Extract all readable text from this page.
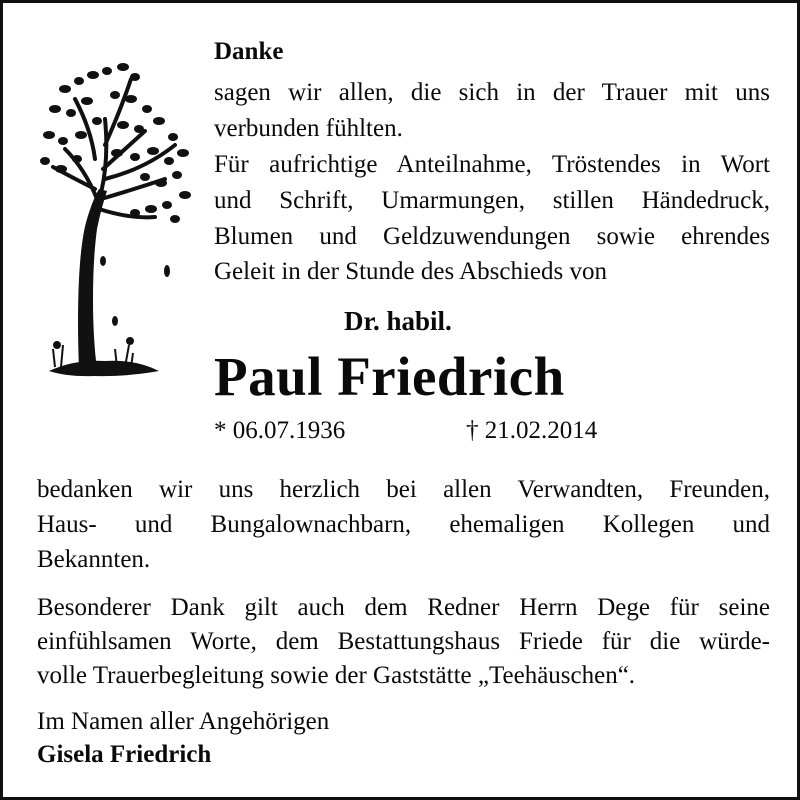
Danke
sagen wir allen, die sich in der Trauer mit uns
verbunden fühlten.
Für aufrichtige Anteilnahme, Tröstendes in Wort
und Schrift, Umarmungen, stillen Händedruck,
Blumen und Geldzuwendungen sowie ehrendes
Geleit in der Stunde des Abschieds von
Dr. habil.
Paul Friedrich
* 06.07.1936	† 21.02.2014
bedanken wir uns herzlich bei allen Verwandten, Freunden,
Haus- und Bungalownachbarn, ehemaligen Kollegen und
Bekannten.
Besonderer Dank gilt auch dem Redner Herrn Dege für seine
einfühlsamen Worte, dem Bestattungshaus Friede für die würde-
volle Trauerbegleitung sowie der Gaststätte „Teehäuschen“.
Im Namen aller Angehörigen
Gisela Friedrich
